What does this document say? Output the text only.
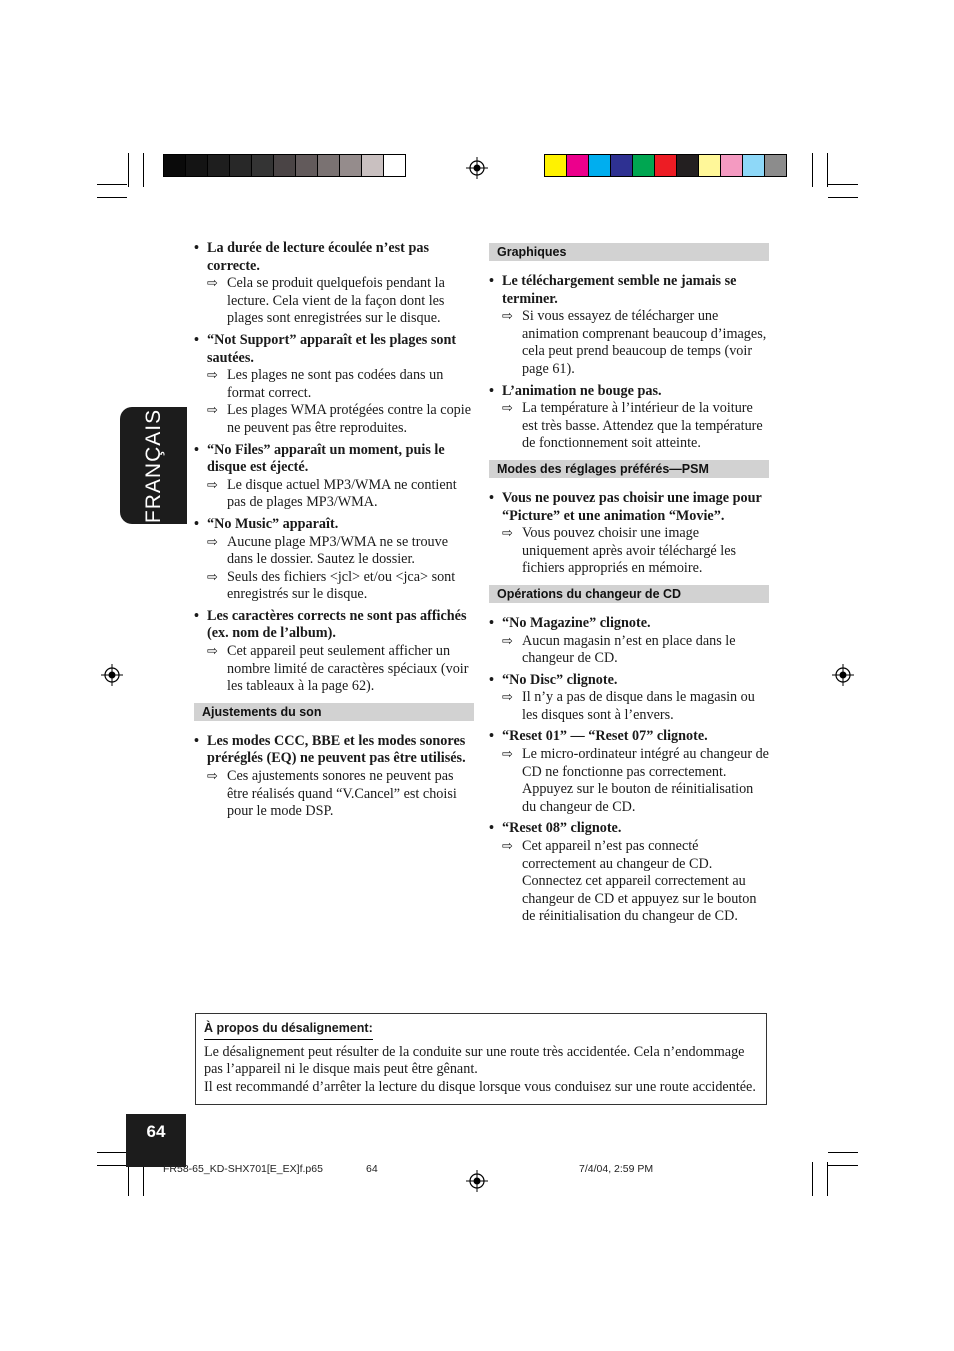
FRANÇAIS
• La durée de lecture écoulée n’est pas correcte.
⇨ Cela se produit quelquefois pendant la lecture. Cela vient de la façon dont les plages sont enregistrées sur le disque.
• “Not Support” apparaît et les plages sont sautées.
⇨ Les plages ne sont pas codées dans un format correct.
⇨ Les plages WMA protégées contre la copie ne peuvent pas être reproduites.
• “No Files” apparaît un moment, puis le disque est éjecté.
⇨ Le disque actuel MP3/WMA ne contient pas de plages MP3/WMA.
• “No Music” apparaît.
⇨ Aucune plage MP3/WMA ne se trouve dans le dossier. Sautez le dossier.
⇨ Seuls des fichiers <jcl> et/ou <jca> sont enregistrés sur le disque.
• Les caractères corrects ne sont pas affichés (ex. nom de l’album).
⇨ Cet appareil peut seulement afficher un nombre limité de caractères spéciaux (voir les tableaux à la page 62).
Ajustements du son
• Les modes CCC, BBE et les modes sonores préréglés (EQ) ne peuvent pas être utilisés.
⇨ Ces ajustements sonores ne peuvent pas être réalisés quand “V.Cancel” est choisi pour le mode DSP.
Graphiques
• Le téléchargement semble ne jamais se terminer.
⇨ Si vous essayez de télécharger une animation comprenant beaucoup d’images, cela peut prend beaucoup de temps (voir page 61).
• L’animation ne bouge pas.
⇨ La température à l’intérieur de la voiture est très basse. Attendez que la température de fonctionnement soit atteinte.
Modes des réglages préférés—PSM
• Vous ne pouvez pas choisir une image pour “Picture” et une animation “Movie”.
⇨ Vous pouvez choisir une image uniquement après avoir téléchargé les fichiers appropriés en mémoire.
Opérations du changeur de CD
• “No Magazine” clignote.
⇨ Aucun magasin n’est en place dans le changeur de CD.
• “No Disc” clignote.
⇨ Il n’y a pas de disque dans le magasin ou les disques sont à l’envers.
• “Reset 01” — “Reset 07” clignote.
⇨ Le micro-ordinateur intégré au changeur de CD ne fonctionne pas correctement. Appuyez sur le bouton de réinitialisation du changeur de CD.
• “Reset 08” clignote.
⇨ Cet appareil n’est pas connecté correctement au changeur de CD. Connectez cet appareil correctement au changeur de CD et appuyez sur le bouton de réinitialisation du changeur de CD.
À propos du désalignement:
Le désalignement peut résulter de la conduite sur une route très accidentée. Cela n’endommage pas l’appareil ni le disque mais peut être gênant.
Il est recommandé d’arrêter la lecture du disque lorsque vous conduisez sur une route accidentée.
64
FR58-65_KD-SHX701[E_EX]f.p65	64	7/4/04, 2:59 PM
